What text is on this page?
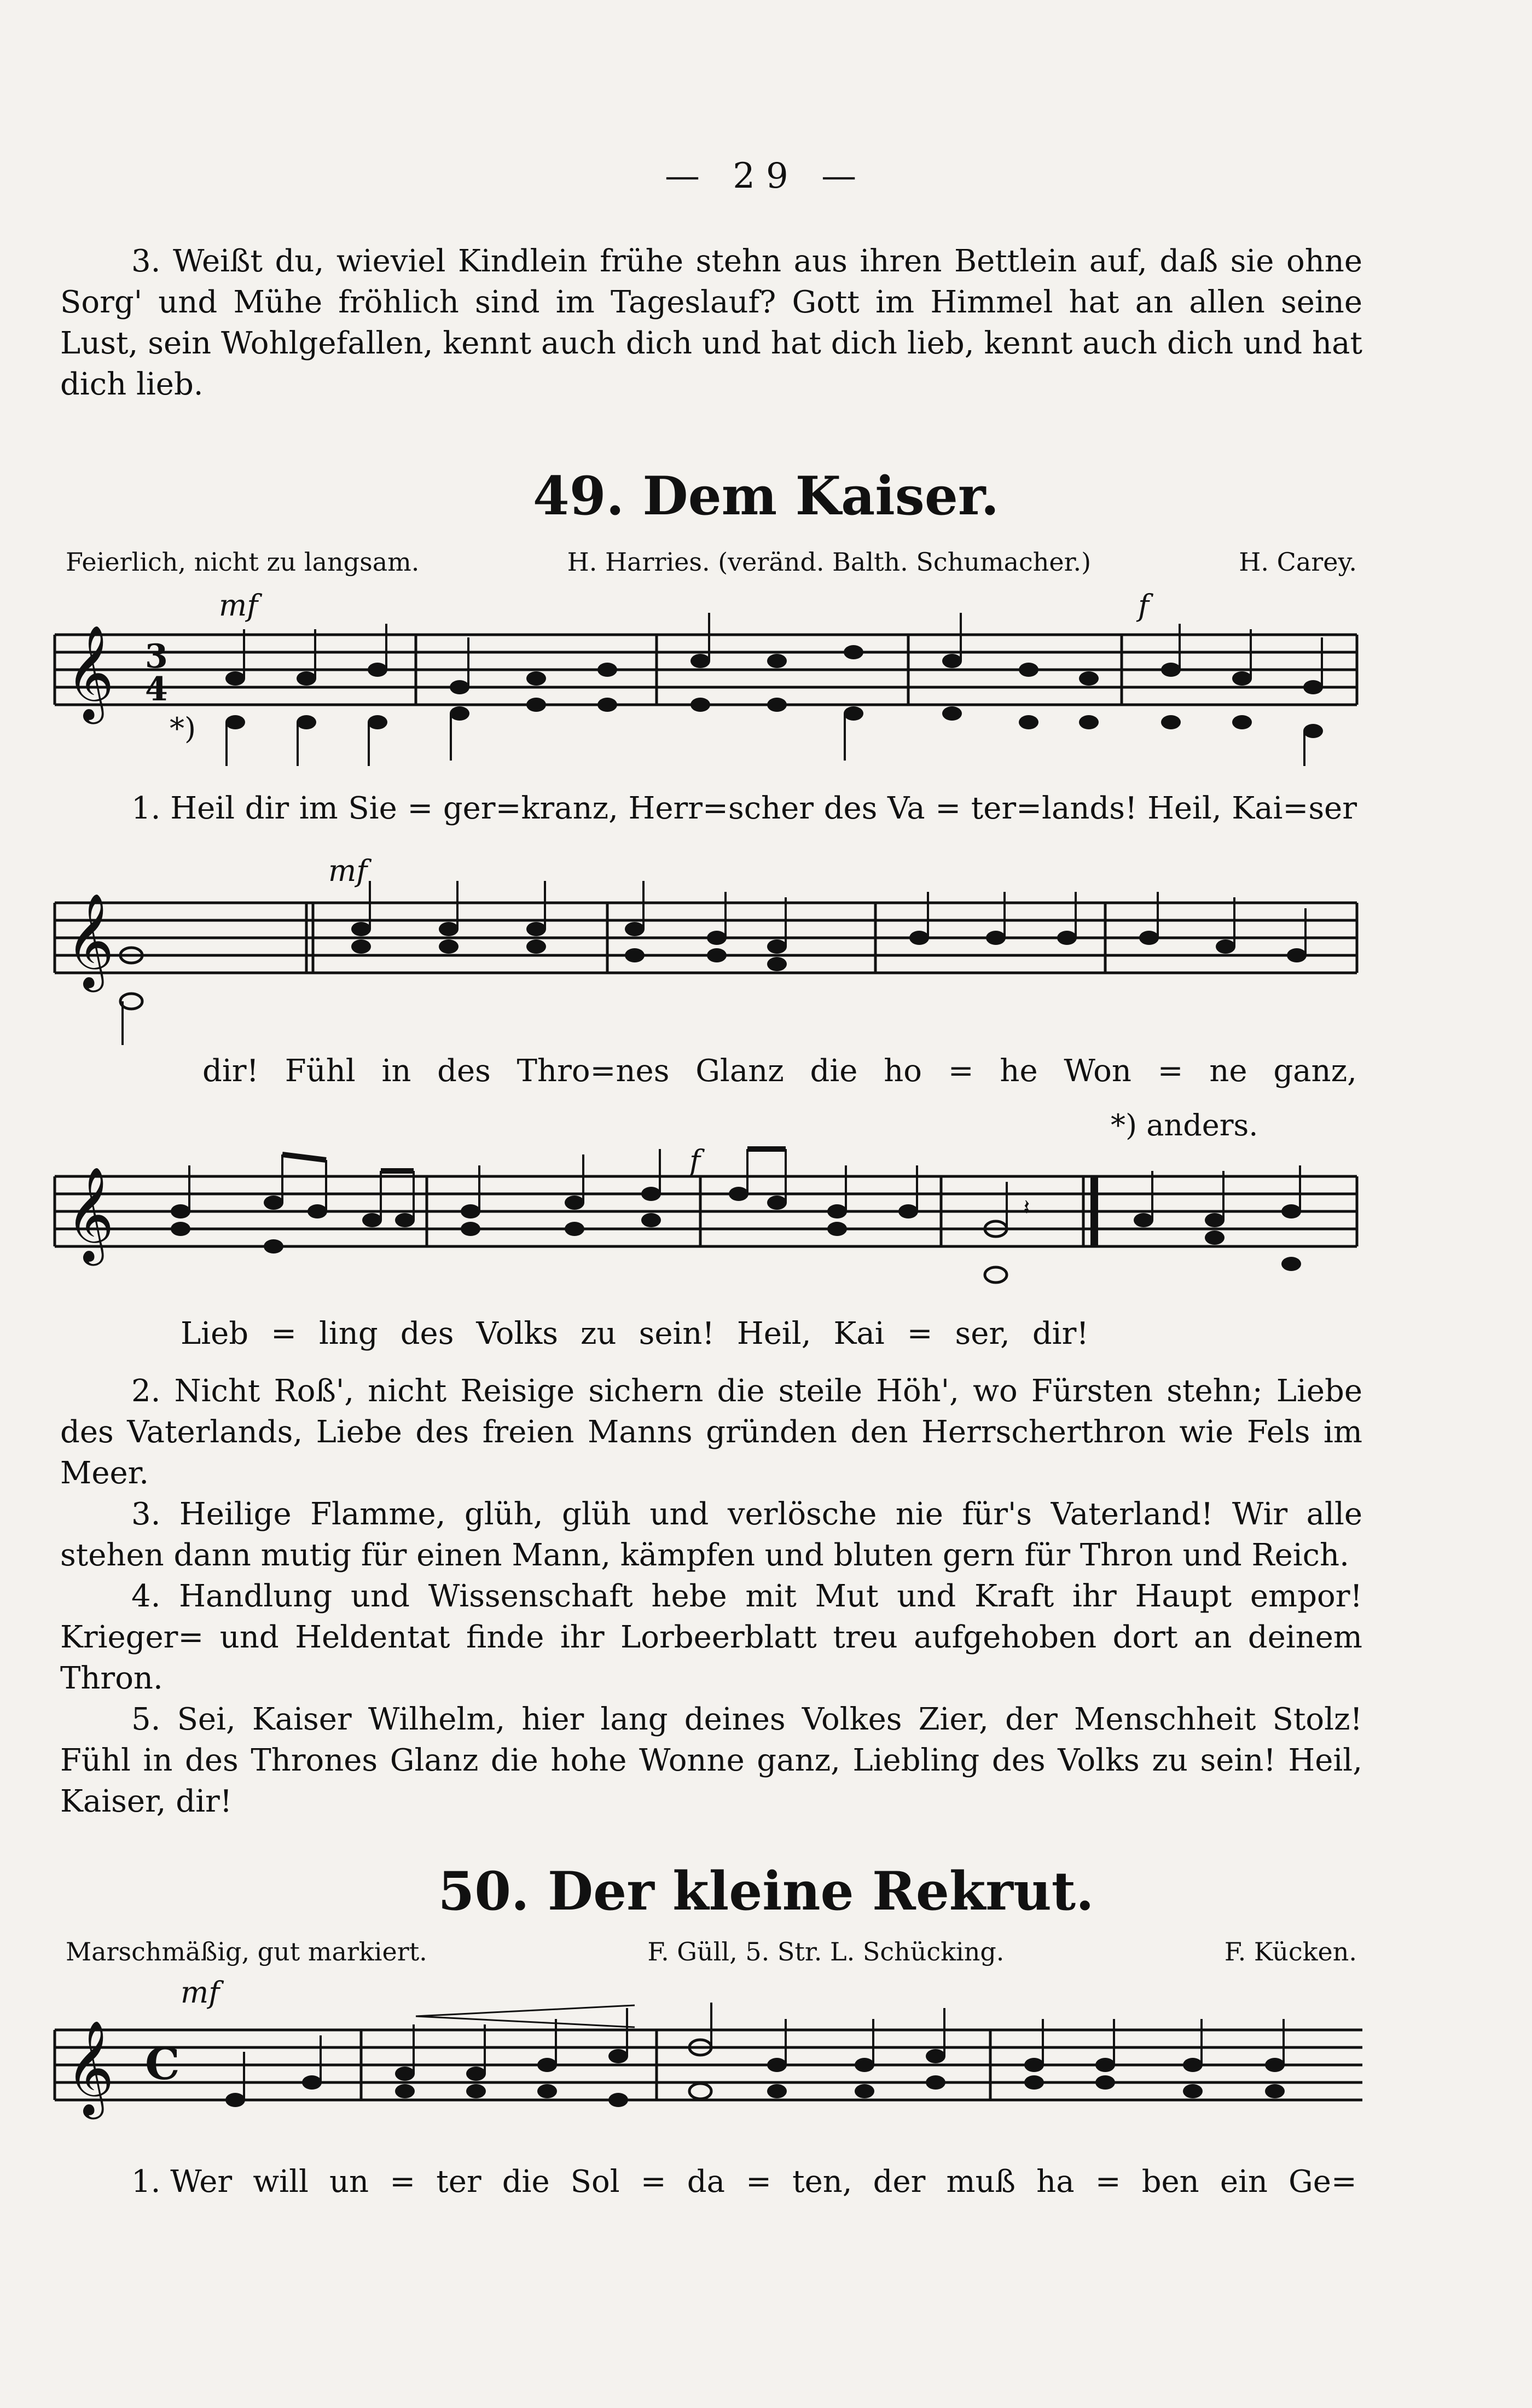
— 29 —

3. Weißt du, wieviel Kindlein frühe stehn aus ihren Bettlein auf, daß sie ohne Sorg' und Mühe fröhlich sind im Tageslauf? Gott im Himmel hat an allen seine Lust, sein Wohlgefallen, kennt auch dich und hat dich lieb, kennt auch dich und hat dich lieb.

49. Dem Kaiser.
Feierlich, nicht zu langsam.	H. Harries. (veränd. Balth. Schumacher.)	H. Carey.
mf	f
*)
𝄞 3
4
1. Heil dir im Sie = ger=kranz, Herr=scher des Va = ter=lands! Heil, Kai=ser
mf
𝄞
dir! Fühl in des Thro=nes Glanz die ho = he Won = ne ganz,
*) anders.
f
𝄞	𝄽
Lieb = ling des Volks zu sein! Heil, Kai = ser, dir!

2. Nicht Roß', nicht Reisige sichern die steile Höh', wo Fürsten stehn; Liebe des Vaterlands, Liebe des freien Manns gründen den Herrscherthron wie Fels im Meer.

3. Heilige Flamme, glüh, glüh und verlösche nie für's Vaterland! Wir alle stehen dann mutig für einen Mann, kämpfen und bluten gern für Thron und Reich.

4. Handlung und Wissenschaft hebe mit Mut und Kraft ihr Haupt empor! Krieger= und Heldentat finde ihr Lorbeerblatt treu aufgehoben dort an deinem Thron.

5. Sei, Kaiser Wilhelm, hier lang deines Volkes Zier, der Menschheit Stolz! Fühl in des Thrones Glanz die hohe Wonne ganz, Liebling des Volks zu sein! Heil, Kaiser, dir!

50. Der kleine Rekrut.
Marschmäßig, gut markiert.	F. Güll, 5. Str. L. Schücking.	F. Kücken.
mf
𝄞 C
1. Wer will un = ter die Sol = da = ten, der muß ha = ben ein Ge=
